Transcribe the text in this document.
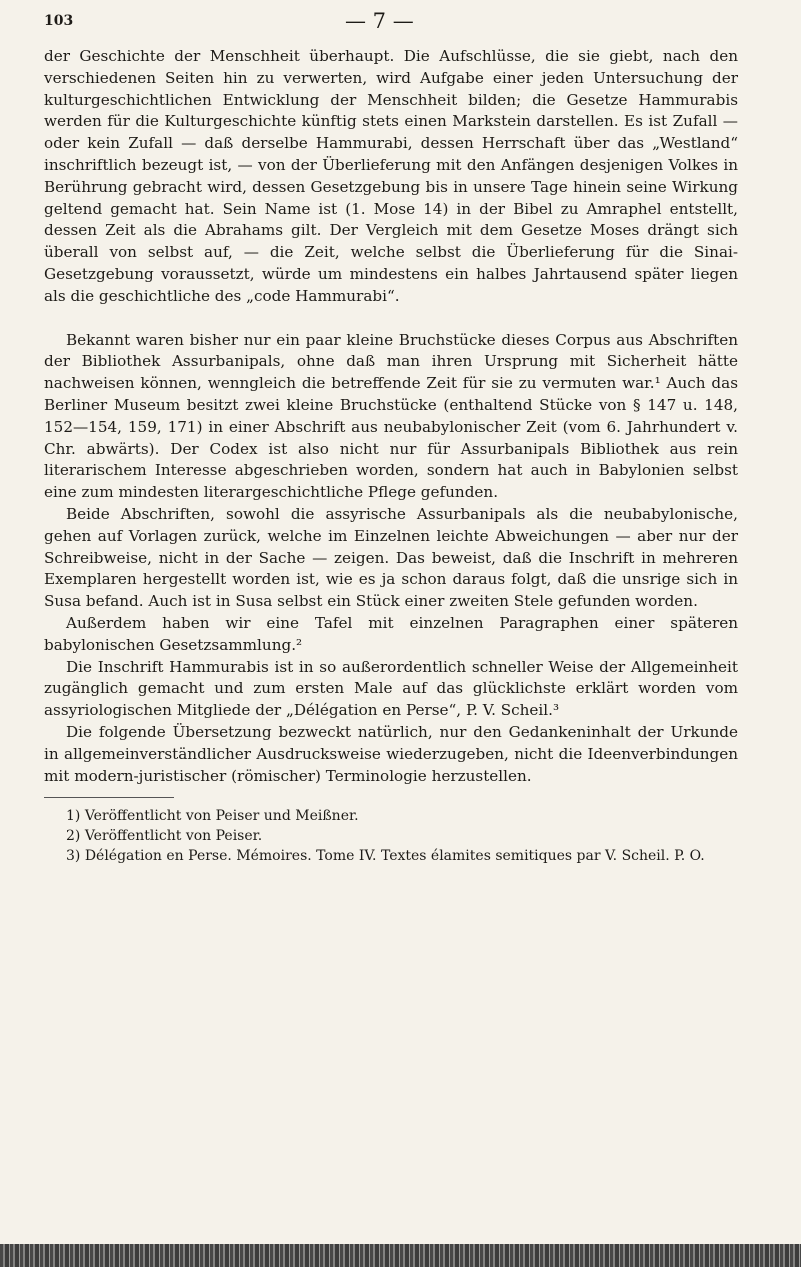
103	— 7 —

der Geschichte der Menschheit überhaupt. Die Aufschlüsse, die sie giebt, nach den verschiedenen Seiten hin zu verwerten, wird Aufgabe einer jeden Untersuchung der kulturgeschichtlichen Entwicklung der Menschheit bilden; die Gesetze Hammurabis werden für die Kulturgeschichte künftig stets einen Markstein darstellen. Es ist Zufall — oder kein Zufall — daß derselbe Hammurabi, dessen Herrschaft über das „Westland“ inschriftlich bezeugt ist, — von der Überlieferung mit den Anfängen desjenigen Volkes in Berührung gebracht wird, dessen Gesetzgebung bis in unsere Tage hinein seine Wirkung geltend gemacht hat. Sein Name ist (1. Mose 14) in der Bibel zu Amraphel entstellt, dessen Zeit als die Abrahams gilt. Der Vergleich mit dem Gesetze Moses drängt sich überall von selbst auf, — die Zeit, welche selbst die Überlieferung für die Sinai-Gesetzgebung voraussetzt, würde um mindestens ein halbes Jahrtausend später liegen als die geschichtliche des „code Hammurabi“.

Bekannt waren bisher nur ein paar kleine Bruchstücke dieses Corpus aus Abschriften der Bibliothek Assurbanipals, ohne daß man ihren Ursprung mit Sicherheit hätte nachweisen können, wenngleich die betreffende Zeit für sie zu vermuten war.¹ Auch das Berliner Museum besitzt zwei kleine Bruchstücke (enthaltend Stücke von § 147 u. 148, 152—154, 159, 171) in einer Abschrift aus neubabylonischer Zeit (vom 6. Jahrhundert v. Chr. abwärts). Der Codex ist also nicht nur für Assurbanipals Bibliothek aus rein literarischem Interesse abgeschrieben worden, sondern hat auch in Babylonien selbst eine zum mindesten literargeschichtliche Pflege gefunden.

Beide Abschriften, sowohl die assyrische Assurbanipals als die neubabylonische, gehen auf Vorlagen zurück, welche im Einzelnen leichte Abweichungen — aber nur der Schreibweise, nicht in der Sache — zeigen. Das beweist, daß die Inschrift in mehreren Exemplaren hergestellt worden ist, wie es ja schon daraus folgt, daß die unsrige sich in Susa befand. Auch ist in Susa selbst ein Stück einer zweiten Stele gefunden worden.

Außerdem haben wir eine Tafel mit einzelnen Paragraphen einer späteren babylonischen Gesetzsammlung.²

Die Inschrift Hammurabis ist in so außerordentlich schneller Weise der Allgemeinheit zugänglich gemacht und zum ersten Male auf das glücklichste erklärt worden vom assyriologischen Mitgliede der „Délégation en Perse“, P. V. Scheil.³

Die folgende Übersetzung bezweckt natürlich, nur den Gedankeninhalt der Urkunde in allgemeinverständlicher Ausdrucksweise wiederzugeben, nicht die Ideenverbindungen mit modern-juristischer (römischer) Terminologie herzustellen.

1) Veröffentlicht von Peiser und Meißner.
2) Veröffentlicht von Peiser.
3) Délégation en Perse. Mémoires. Tome IV. Textes élamites semitiques par V. Scheil. P. O.
